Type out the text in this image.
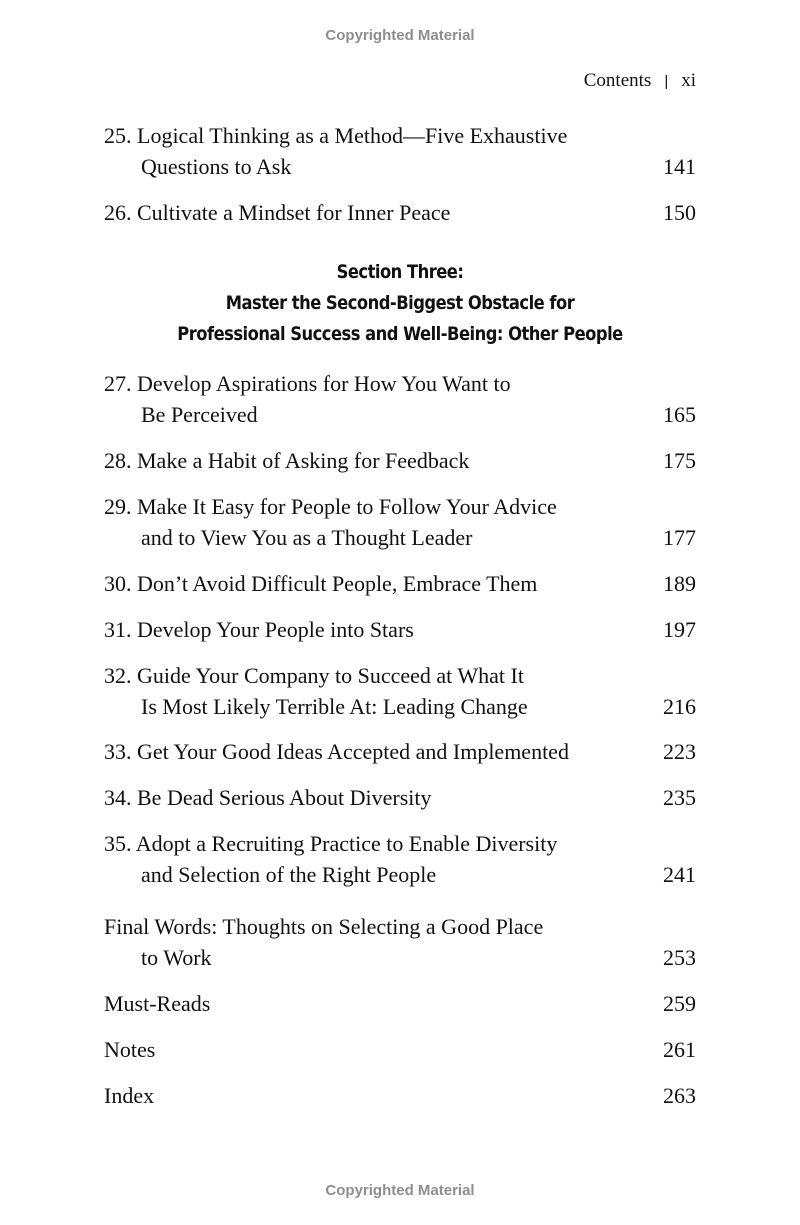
Copyrighted Material
Contents | xi
25. Logical Thinking as a Method—Five Exhaustive
Questions to Ask	141
26. Cultivate a Mindset for Inner Peace	150
27. Develop Aspirations for How You Want to
Be Perceived	165
28. Make a Habit of Asking for Feedback	175
29. Make It Easy for People to Follow Your Advice
and to View You as a Thought Leader	177
30. Don’t Avoid Difficult People, Embrace Them	189
31. Develop Your People into Stars	197
32. Guide Your Company to Succeed at What It
Is Most Likely Terrible At: Leading Change	216
33. Get Your Good Ideas Accepted and Implemented	223
34. Be Dead Serious About Diversity	235
35. Adopt a Recruiting Practice to Enable Diversity
and Selection of the Right People	241
Final Words: Thoughts on Selecting a Good Place
to Work	253
Must-Reads	259
Notes	261
Index	263
Section Three:
Master the Second-Biggest Obstacle for
Professional Success and Well-Being: Other People
Copyrighted Material
